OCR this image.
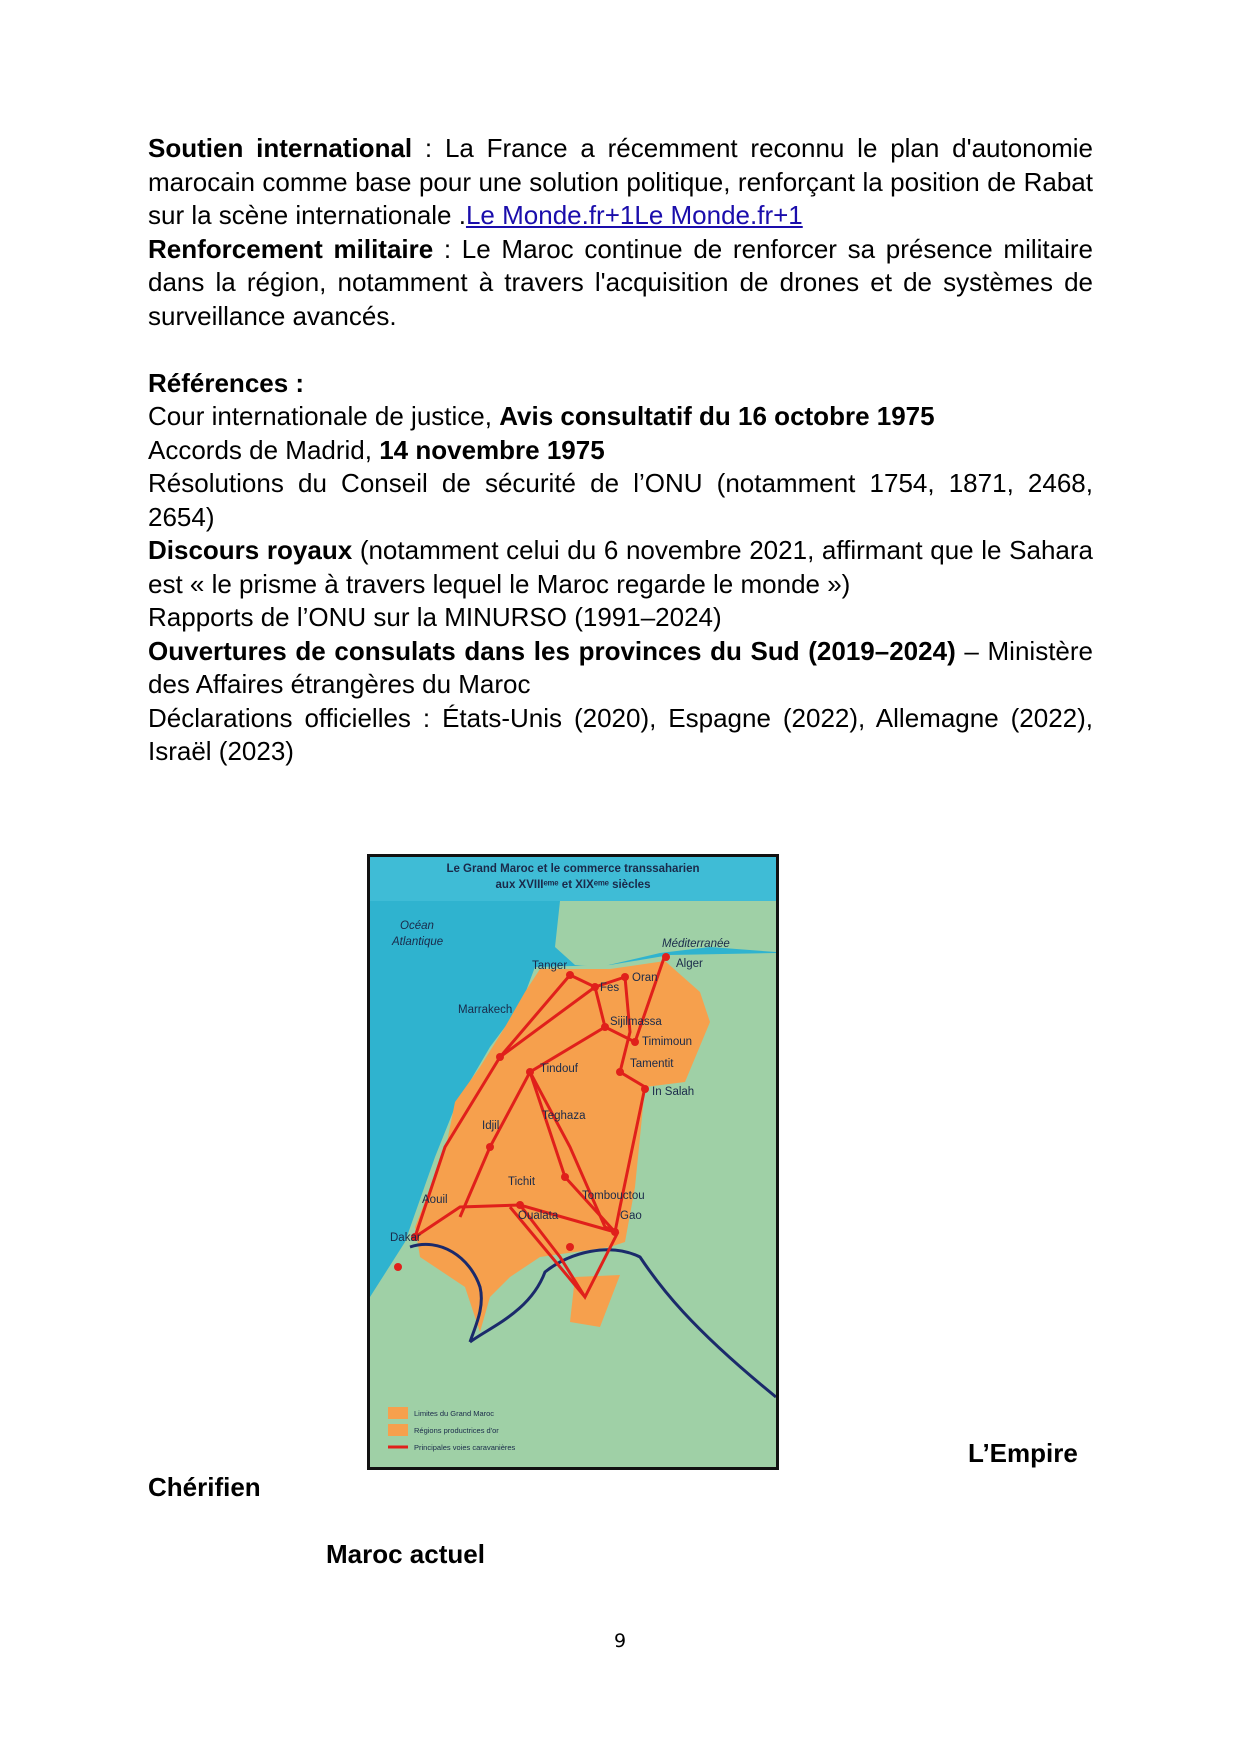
Soutien international : La France a récemment reconnu le plan d'autonomie marocain comme base pour une solution politique, renforçant la position de Rabat sur la scène internationale .Le Monde.fr+1Le Monde.fr+1

Renforcement militaire : Le Maroc continue de renforcer sa présence militaire dans la région, notamment à travers l'acquisition de drones et de systèmes de surveillance avancés.

Références :

Cour internationale de justice, Avis consultatif du 16 octobre 1975

Accords de Madrid, 14 novembre 1975

Résolutions du Conseil de sécurité de l’ONU (notamment 1754, 1871, 2468, 2654)

Discours royaux (notamment celui du 6 novembre 2021, affirmant que le Sahara est « le prisme à travers lequel le Maroc regarde le monde »)

Rapports de l’ONU sur la MINURSO (1991–2024)

Ouvertures de consulats dans les provinces du Sud (2019–2024) – Ministère des Affaires étrangères du Maroc

Déclarations officielles : États-Unis (2020), Espagne (2022), Allemagne (2022), Israël (2023)

Le Grand Maroc et le commerce transsaharien
aux XVIIIᵉᵐᵉ et XIXᵉᵐᵉ siècles
Océan
Atlantique	Méditerranée
Alger
Tanger
Fes
Oran
Marrakech
Sijilmassa
Timimoun
Tamentit
Tindouf
In Salah
Idjil
Teghaza
Tichit
Aouil	Tombouctou
Oualata	Gao
Dakar
Limites du Grand Maroc
Régions productrices d'or
Principales voies caravanières	L’Empire
Chérifien
Maroc actuel
9
